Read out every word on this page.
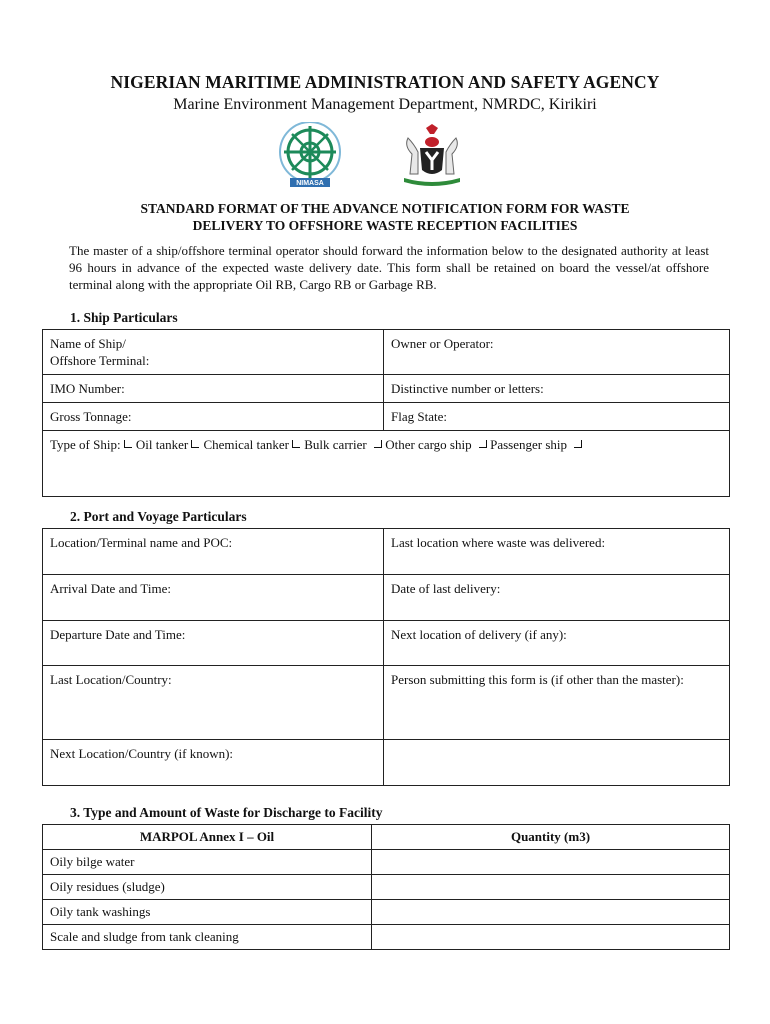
NIGERIAN MARITIME ADMINISTRATION AND SAFETY AGENCY
Marine Environment Management Department, NMRDC, Kirikiri
NIMASA
STANDARD FORMAT OF THE ADVANCE NOTIFICATION FORM FOR WASTE
DELIVERY TO OFFSHORE WASTE RECEPTION FACILITIES
The master of a ship/offshore terminal operator should forward the information below to the designated authority at least 96 hours in advance of the expected waste delivery date. This form shall be retained on board the vessel/at offshore terminal along with the appropriate Oil RB, Cargo RB or Garbage RB.
1. Ship Particulars
Name of Ship/
Offshore Terminal:	Owner or Operator:
IMO Number:	Distinctive number or letters:
Gross Tonnage:	Flag State:
Type of Ship: Oil tanker Chemical tanker Bulk carrier Other cargo ship Passenger ship	
2. Port and Voyage Particulars
Location/Terminal name and POC:	Last location where waste was delivered:
Arrival Date and Time:	Date of last delivery:
Departure Date and Time:	Next location of delivery (if any):
Last Location/Country:	Person submitting this form is (if other than the master):
Next Location/Country (if known):	
3. Type and Amount of Waste for Discharge to Facility
MARPOL Annex I – Oil	Quantity (m3)
Oily bilge water	
Oily residues (sludge)	
Oily tank washings	
Scale and sludge from tank cleaning	
